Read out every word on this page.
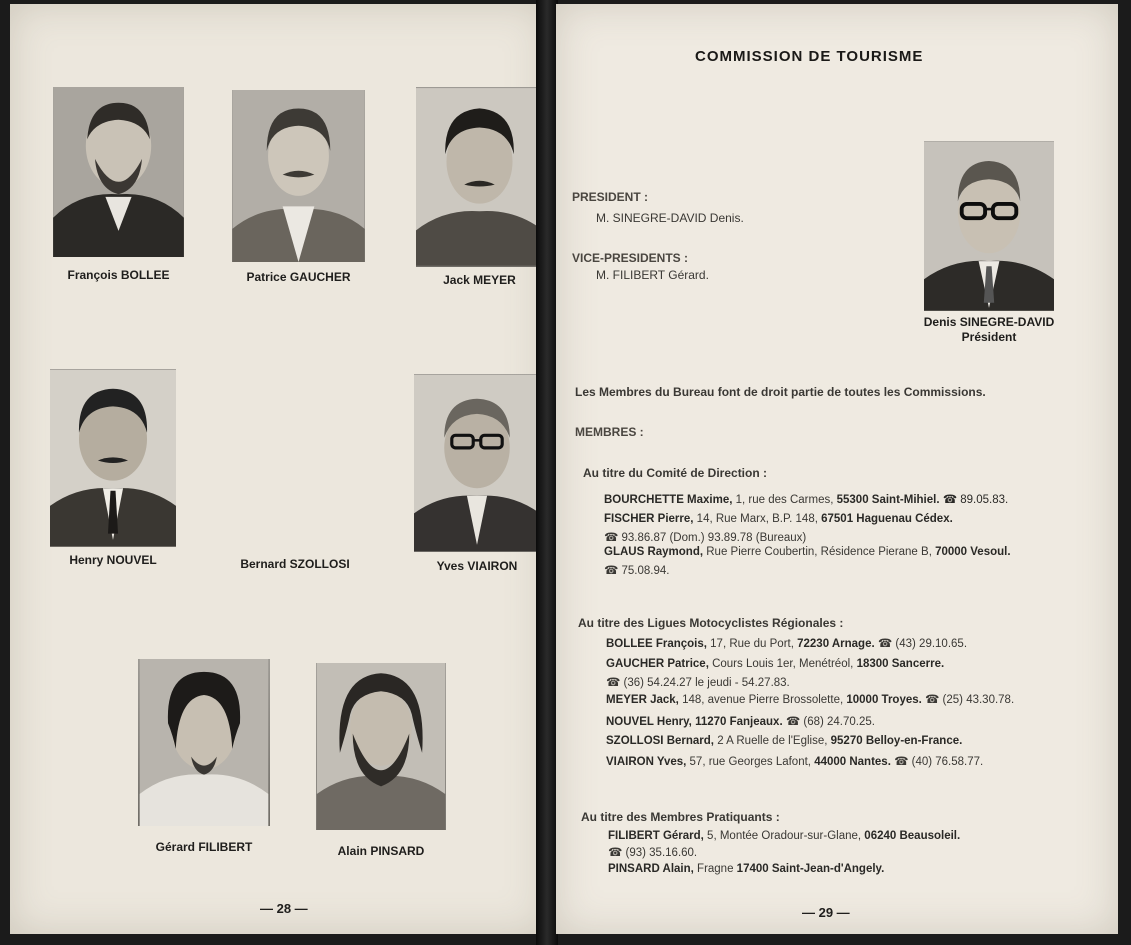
François BOLLEE	Patrice GAUCHER	Jack MEYER
Henry NOUVEL	Bernard SZOLLOSI	Yves VIAIRON
Gérard FILIBERT	Alain PINSARD
— 28 —
COMMISSION DE TOURISME
PRESIDENT :
M. SINEGRE-DAVID Denis.
VICE-PRESIDENTS :
M. FILIBERT Gérard.
Denis SINEGRE-DAVID
Président
Les Membres du Bureau font de droit partie de toutes les Commissions.
MEMBRES :
Au titre du Comité de Direction :
BOURCHETTE Maxime, 1, rue des Carmes, 55300 Saint-Mihiel. ☎ 89.05.83.
FISCHER Pierre, 14, Rue Marx, B.P. 148, 67501 Haguenau Cédex.
☎ 93.86.87 (Dom.) 93.89.78 (Bureaux)
GLAUS Raymond, Rue Pierre Coubertin, Résidence Pierane B, 70000 Vesoul.
☎ 75.08.94.
Au titre des Ligues Motocyclistes Régionales :
BOLLEE François, 17, Rue du Port, 72230 Arnage. ☎ (43) 29.10.65.
GAUCHER Patrice, Cours Louis 1er, Menétréol, 18300 Sancerre.
☎ (36) 54.24.27 le jeudi - 54.27.83.
MEYER Jack, 148, avenue Pierre Brossolette, 10000 Troyes. ☎ (25) 43.30.78.
NOUVEL Henry, 11270 Fanjeaux. ☎ (68) 24.70.25.
SZOLLOSI Bernard, 2 A Ruelle de l'Eglise, 95270 Belloy-en-France.
VIAIRON Yves, 57, rue Georges Lafont, 44000 Nantes. ☎ (40) 76.58.77.
Au titre des Membres Pratiquants :
FILIBERT Gérard, 5, Montée Oradour-sur-Glane, 06240 Beausoleil.
☎ (93) 35.16.60.
PINSARD Alain, Fragne 17400 Saint-Jean-d'Angely.
— 29 —
